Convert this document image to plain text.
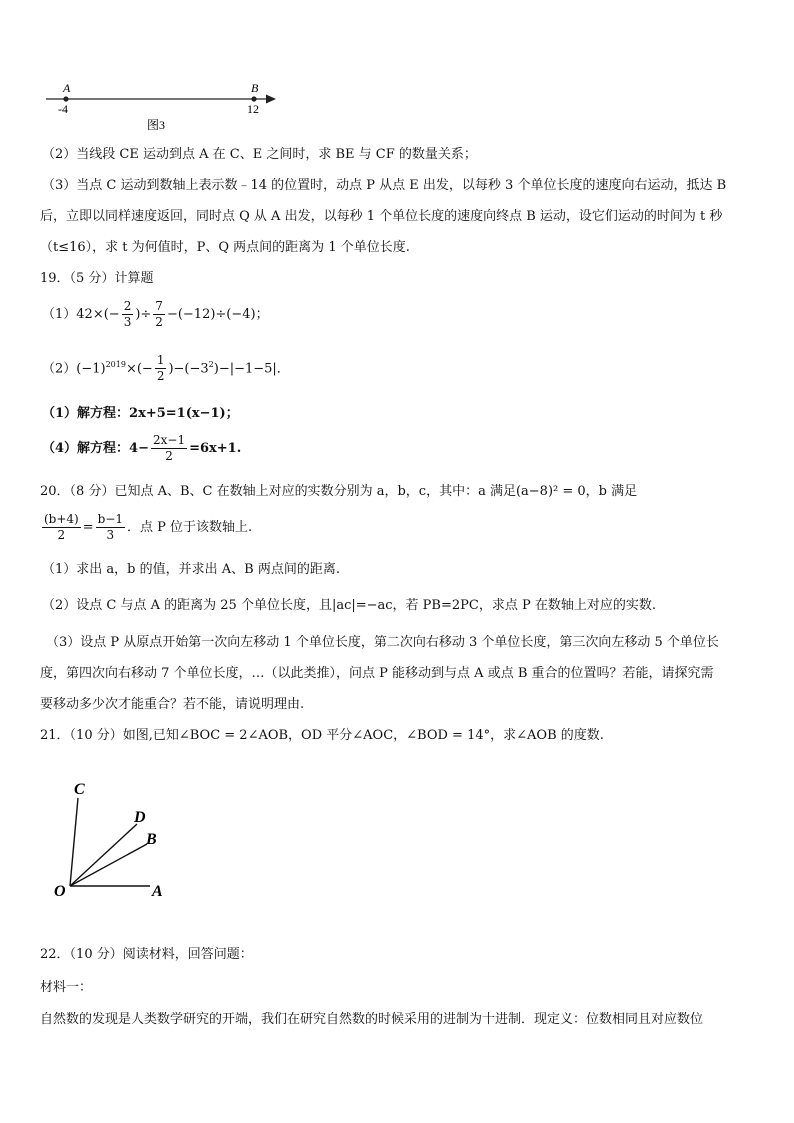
A
-4
B
12
图3
（2）当线段 CE 运动到点 A 在 C、E 之间时，求 BE 与 CF 的数量关系；
（3）当点 C 运动到数轴上表示数﹣14 的位置时，动点 P 从点 E 出发，以每秒 3 个单位长度的速度向右运动，抵达 B
后，立即以同样速度返回，同时点 Q 从 A 出发，以每秒 1 个单位长度的速度向终点 B 运动，设它们运动的时间为 t 秒
（t≤16），求 t 为何值时，P、Q 两点间的距离为 1 个单位长度.
19．（5 分）计算题
$(1)42\times(- \frac{2}{3}$ )÷ $\frac{7}{2} -(-12)\div(-4)$；
$(2)(-1)^{2019}\times(- \frac{1}{2} )-(-3^2)-|-1-5|$．
（1）解方程：2x+5=1(x−1)；
（4）解方程：$4- \frac{2x-1}{2} =6x+1$.
20．（8 分）已知点 A、B、C 在数轴上对应的实数分别为 a，b，c，其中：a 满足(a−8)² = 0，b 满足
$\frac{(b+4)}{2} = \frac{b-1}{3}$ ．点 P 位于该数轴上.
（1）求出 a，b 的值，并求出 A、B 两点间的距离.
（2）设点 C 与点 A 的距离为 25 个单位长度，且|ac|=−ac，若 PB=2PC，求点 P 在数轴上对应的实数.
（3）设点 P 从原点开始第一次向左移动 1 个单位长度，第二次向右移动 3 个单位长度，第三次向左移动 5 个单位长
度，第四次向右移动 7 个单位长度，…（以此类推），问点 P 能移动到与点 A 或点 B 重合的位置吗？若能，请探究需
要移动多少次才能重合？若不能，请说明理由.
21．（10 分）如图,已知∠BOC = 2∠AOB，OD 平分∠AOC，∠BOD = 14°，求∠AOB 的度数.
C
D
B
O	A
22．（10 分）阅读材料，回答问题：
材料一：
自然数的发现是人类数学研究的开端，我们在研究自然数的时候采用的进制为十进制．现定义：位数相同且对应数位
